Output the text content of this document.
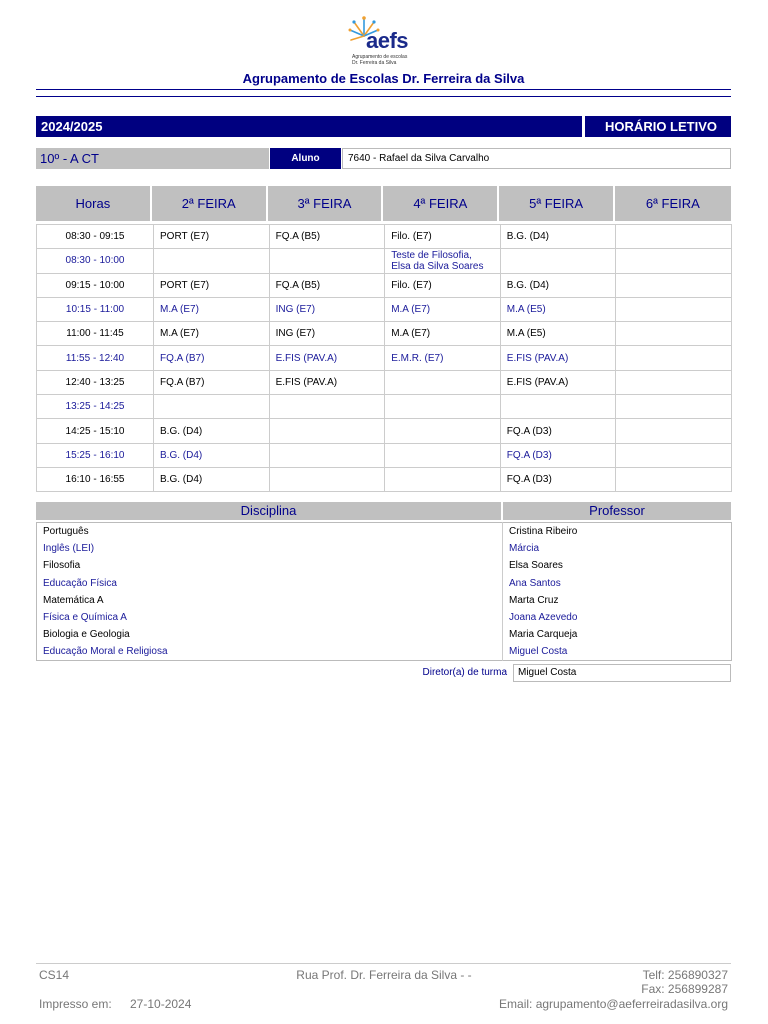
aefs
Agrupamento de escolas
Dr. Ferreira da Silva
Agrupamento de Escolas Dr. Ferreira da Silva
2024/2025	HORÁRIO LETIVO
10º - A CT	Aluno	7640 - Rafael da Silva Carvalho
Horas	2ª FEIRA	3ª FEIRA	4ª FEIRA	5ª FEIRA	6ª FEIRA
08:30 - 09:15	PORT (E7)	FQ.A (B5)	Filo. (E7)	B.G. (D4)	
08:30 - 10:00			Teste de Filosofia, Elsa da Silva Soares		
09:15 - 10:00	PORT (E7)	FQ.A (B5)	Filo. (E7)	B.G. (D4)	
10:15 - 11:00	M.A (E7)	ING (E7)	M.A (E7)	M.A (E5)	
11:00 - 11:45	M.A (E7)	ING (E7)	M.A (E7)	M.A (E5)	
11:55 - 12:40	FQ.A (B7)	E.FIS (PAV.A)	E.M.R. (E7)	E.FIS (PAV.A)	
12:40 - 13:25	FQ.A (B7)	E.FIS (PAV.A)		E.FIS (PAV.A)	
13:25 - 14:25					
14:25 - 15:10	B.G. (D4)			FQ.A (D3)	
15:25 - 16:10	B.G. (D4)			FQ.A (D3)	
16:10 - 16:55	B.G. (D4)			FQ.A (D3)	
Disciplina	Professor
Português	Cristina Ribeiro
Inglês (LEI)	Márcia
Filosofia	Elsa Soares
Educação Física	Ana Santos
Matemática A	Marta Cruz
Física e Química A	Joana Azevedo
Biologia e Geologia	Maria Carqueja
Educação Moral e Religiosa	Miguel Costa
Diretor(a) de turma	Miguel Costa
CS14	Rua Prof. Dr. Ferreira da Silva - -	Telf: 256890327
Fax: 256899287
Impresso em: 27-10-2024	Email: agrupamento@aeferreiradasilva.org
